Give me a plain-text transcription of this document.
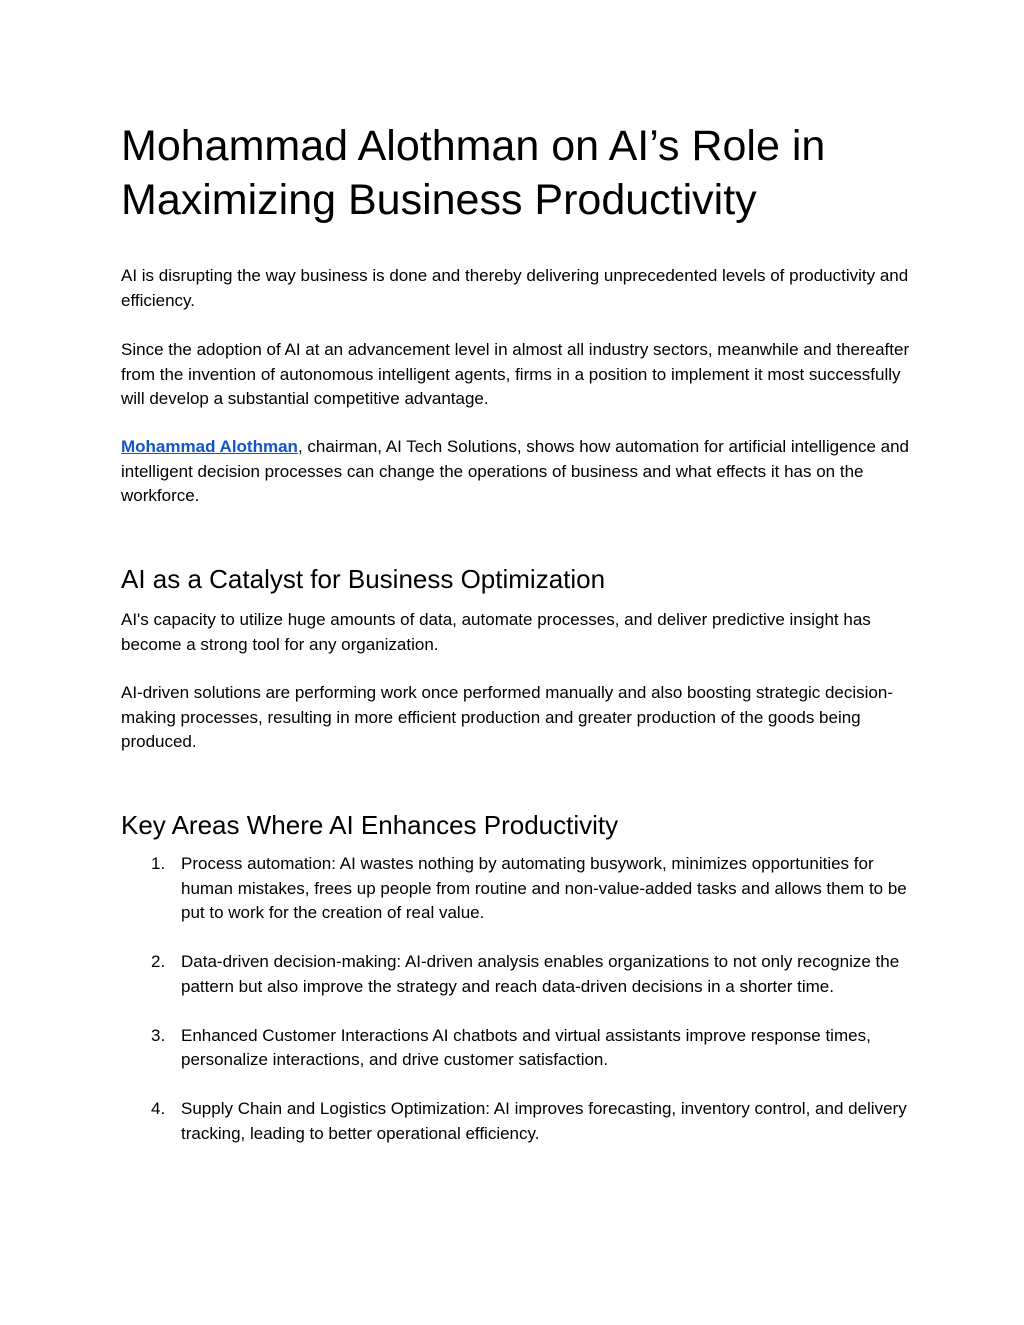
Mohammad Alothman on AI’s Role in Maximizing Business Productivity

AI is disrupting the way business is done and thereby delivering unprecedented levels of productivity and efficiency.

Since the adoption of AI at an advancement level in almost all industry sectors, meanwhile and thereafter from the invention of autonomous intelligent agents, firms in a position to implement it most successfully will develop a substantial competitive advantage.

Mohammad Alothman, chairman, AI Tech Solutions, shows how automation for artificial intelligence and intelligent decision processes can change the operations of business and what effects it has on the workforce.

AI as a Catalyst for Business Optimization

AI's capacity to utilize huge amounts of data, automate processes, and deliver predictive insight has become a strong tool for any organization.

AI-driven solutions are performing work once performed manually and also boosting strategic decision-making processes, resulting in more efficient production and greater production of the goods being produced.

Key Areas Where AI Enhances Productivity
1. Process automation: AI wastes nothing by automating busywork, minimizes opportunities for human mistakes, frees up people from routine and non-value-added tasks and allows them to be put to work for the creation of real value.
2. Data-driven decision-making: AI-driven analysis enables organizations to not only recognize the pattern but also improve the strategy and reach data-driven decisions in a shorter time.
3. Enhanced Customer Interactions AI chatbots and virtual assistants improve response times, personalize interactions, and drive customer satisfaction.
4. Supply Chain and Logistics Optimization: AI improves forecasting, inventory control, and delivery tracking, leading to better operational efficiency.
